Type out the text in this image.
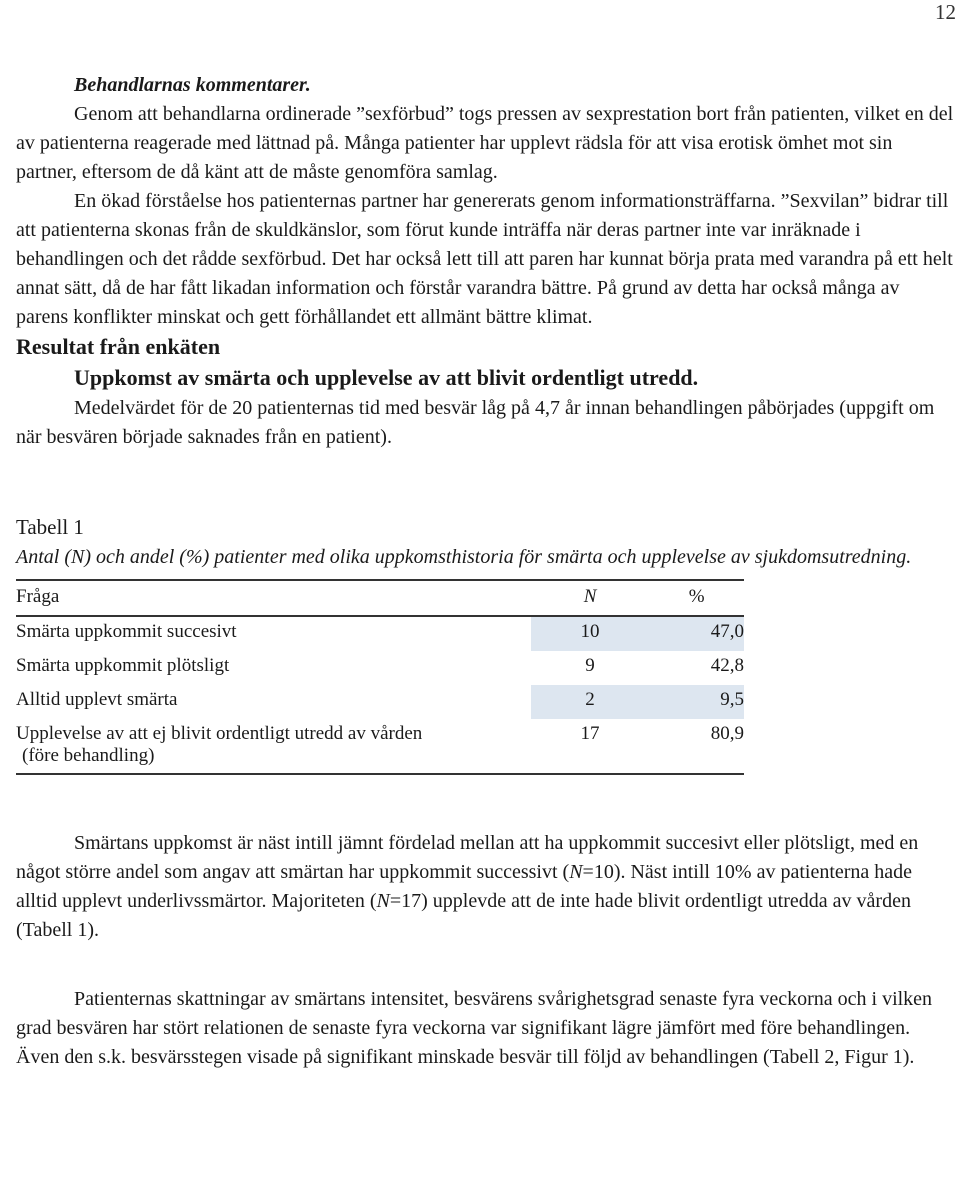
12

Behandlarnas kommentarer.

Genom att behandlarna ordinerade ”sexförbud” togs pressen av sexprestation bort från patienten, vilket en del av patienterna reagerade med lättnad på. Många patienter har upplevt rädsla för att visa erotisk ömhet mot sin partner, eftersom de då känt att de måste genomföra samlag.

En ökad förståelse hos patienternas partner har genererats genom informationsträffarna. ”Sexvilan” bidrar till att patienterna skonas från de skuldkänslor, som förut kunde inträffa när deras partner inte var inräknade i behandlingen och det rådde sexförbud. Det har också lett till att paren har kunnat börja prata med varandra på ett helt annat sätt, då de har fått likadan information och förstår varandra bättre. På grund av detta har också många av parens konflikter minskat och gett förhållandet ett allmänt bättre klimat.

Resultat från enkäten

Uppkomst av smärta och upplevelse av att blivit ordentligt utredd.

Medelvärdet för de 20 patienternas tid med besvär låg på 4,7 år innan behandlingen påbörjades (uppgift om när besvären började saknades från en patient).

Tabell 1

Antal (N) och andel (%) patienter med olika uppkomsthistoria för smärta och upplevelse av sjukdomsutredning.

Fråga	N	%
Smärta uppkommit succesivt	10	47,0
Smärta uppkommit plötsligt	9	42,8
Alltid upplevt smärta	2	9,5
Upplevelse av att ej blivit ordentligt utredd av vården
(före behandling)	17	80,9

Smärtans uppkomst är näst intill jämnt fördelad mellan att ha uppkommit succesivt eller plötsligt, med en något större andel som angav att smärtan har uppkommit successivt (N=10). Näst intill 10% av patienterna hade alltid upplevt underlivssmärtor. Majoriteten (N=17) upplevde att de inte hade blivit ordentligt utredda av vården (Tabell 1).

Patienternas skattningar av smärtans intensitet, besvärens svårighetsgrad senaste fyra veckorna och i vilken grad besvären har stört relationen de senaste fyra veckorna var signifikant lägre jämfört med före behandlingen. Även den s.k. besvärsstegen visade på signifikant minskade besvär till följd av behandlingen (Tabell 2, Figur 1).
